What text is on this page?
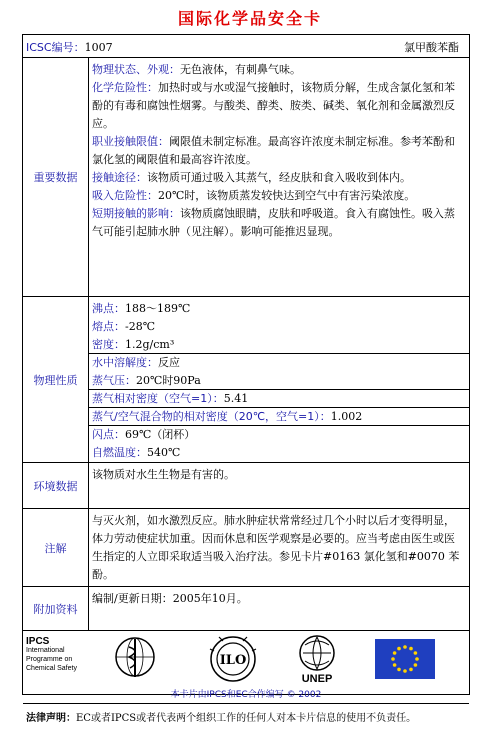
国际化学品安全卡
ICSC编号：1007	氯甲酸苯酯
重要数据
物理状态、外观：无色液体，有刺鼻气味。
化学危险性：加热时或与水或湿气接触时，该物质分解，生成含氯化氢和苯酚的有毒和腐蚀性烟雾。与酸类、醇类、胺类、碱类、氧化剂和金属激烈反应。
职业接触限值：阈限值未制定标准。最高容许浓度未制定标准。参考苯酚和氯化氢的阈限值和最高容许浓度。
接触途径：该物质可通过吸入其蒸气，经皮肤和食入吸收到体内。
吸入危险性：20℃时，该物质蒸发较快达到空气中有害污染浓度。
短期接触的影响：该物质腐蚀眼睛，皮肤和呼吸道。食入有腐蚀性。吸入蒸气可能引起肺水肿（见注解）。影响可能推迟显现。
物理性质
沸点：188～189℃
熔点：-28℃
密度：1.2g/cm³
水中溶解度：反应
蒸气压：20℃时90Pa
蒸气相对密度（空气=1）：5.41
蒸气/空气混合物的相对密度（20℃，空气=1）：1.002
闪点：69℃（闭杯）
自燃温度：540℃
环境数据
该物质对水生生物是有害的。
注解
与灭火剂，如水激烈反应。肺水肿症状常常经过几个小时以后才变得明显，体力劳动使症状加重。因而休息和医学观察是必要的。应当考虑由医生或医生指定的人立即采取适当吸入治疗法。参见卡片#0163 氯化氢和#0070 苯酚。
附加资料
编制/更新日期：2005年10月。
IPCS
International
Programme on
Chemical Safety
ILO
UNEP
本卡片由IPCS和EC合作编写 © 2002
法律声明：EC或者IPCS或者代表两个组织工作的任何人对本卡片信息的使用不负责任。
